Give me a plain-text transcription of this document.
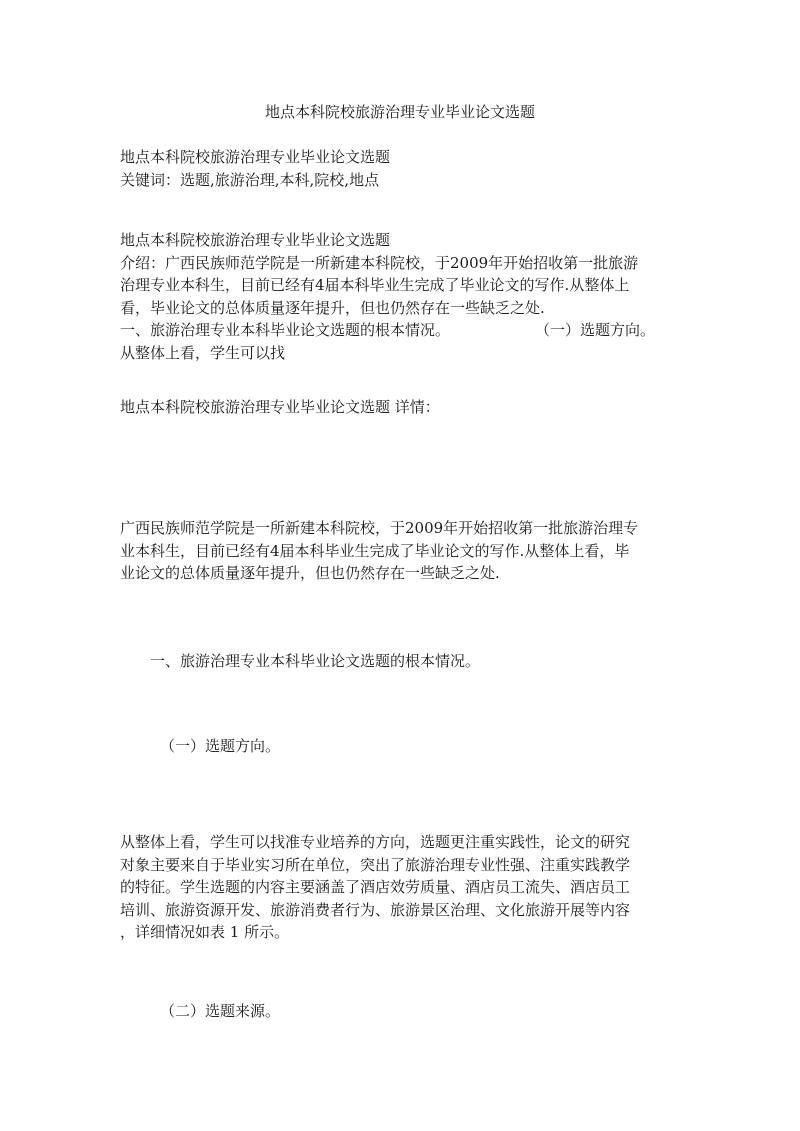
地点本科院校旅游治理专业毕业论文选题

地点本科院校旅游治理专业毕业论文选题

关键词：选题,旅游治理,本科,院校,地点

地点本科院校旅游治理专业毕业论文选题

介绍：广西民族师范学院是一所新建本科院校，于2009年开始招收第一批旅游

治理专业本科生，目前已经有4届本科毕业生完成了毕业论文的写作.从整体上

看，毕业论文的总体质量逐年提升，但也仍然存在一些缺乏之处.

一、旅游治理专业本科毕业论文选题的根本情况。	（一）选题方向。

从整体上看，学生可以找

地点本科院校旅游治理专业毕业论文选题 详情：

广西民族师范学院是一所新建本科院校，于2009年开始招收第一批旅游治理专

业本科生，目前已经有4届本科毕业生完成了毕业论文的写作.从整体上看，毕

业论文的总体质量逐年提升，但也仍然存在一些缺乏之处.

一、旅游治理专业本科毕业论文选题的根本情况。
（一）选题方向。

从整体上看，学生可以找准专业培养的方向，选题更注重实践性，论文的研究

对象主要来自于毕业实习所在单位，突出了旅游治理专业性强、注重实践教学

的特征。学生选题的内容主要涵盖了酒店效劳质量、酒店员工流失、酒店员工

培训、旅游资源开发、旅游消费者行为、旅游景区治理、文化旅游开展等内容

，详细情况如表 1 所示。

（二）选题来源。
